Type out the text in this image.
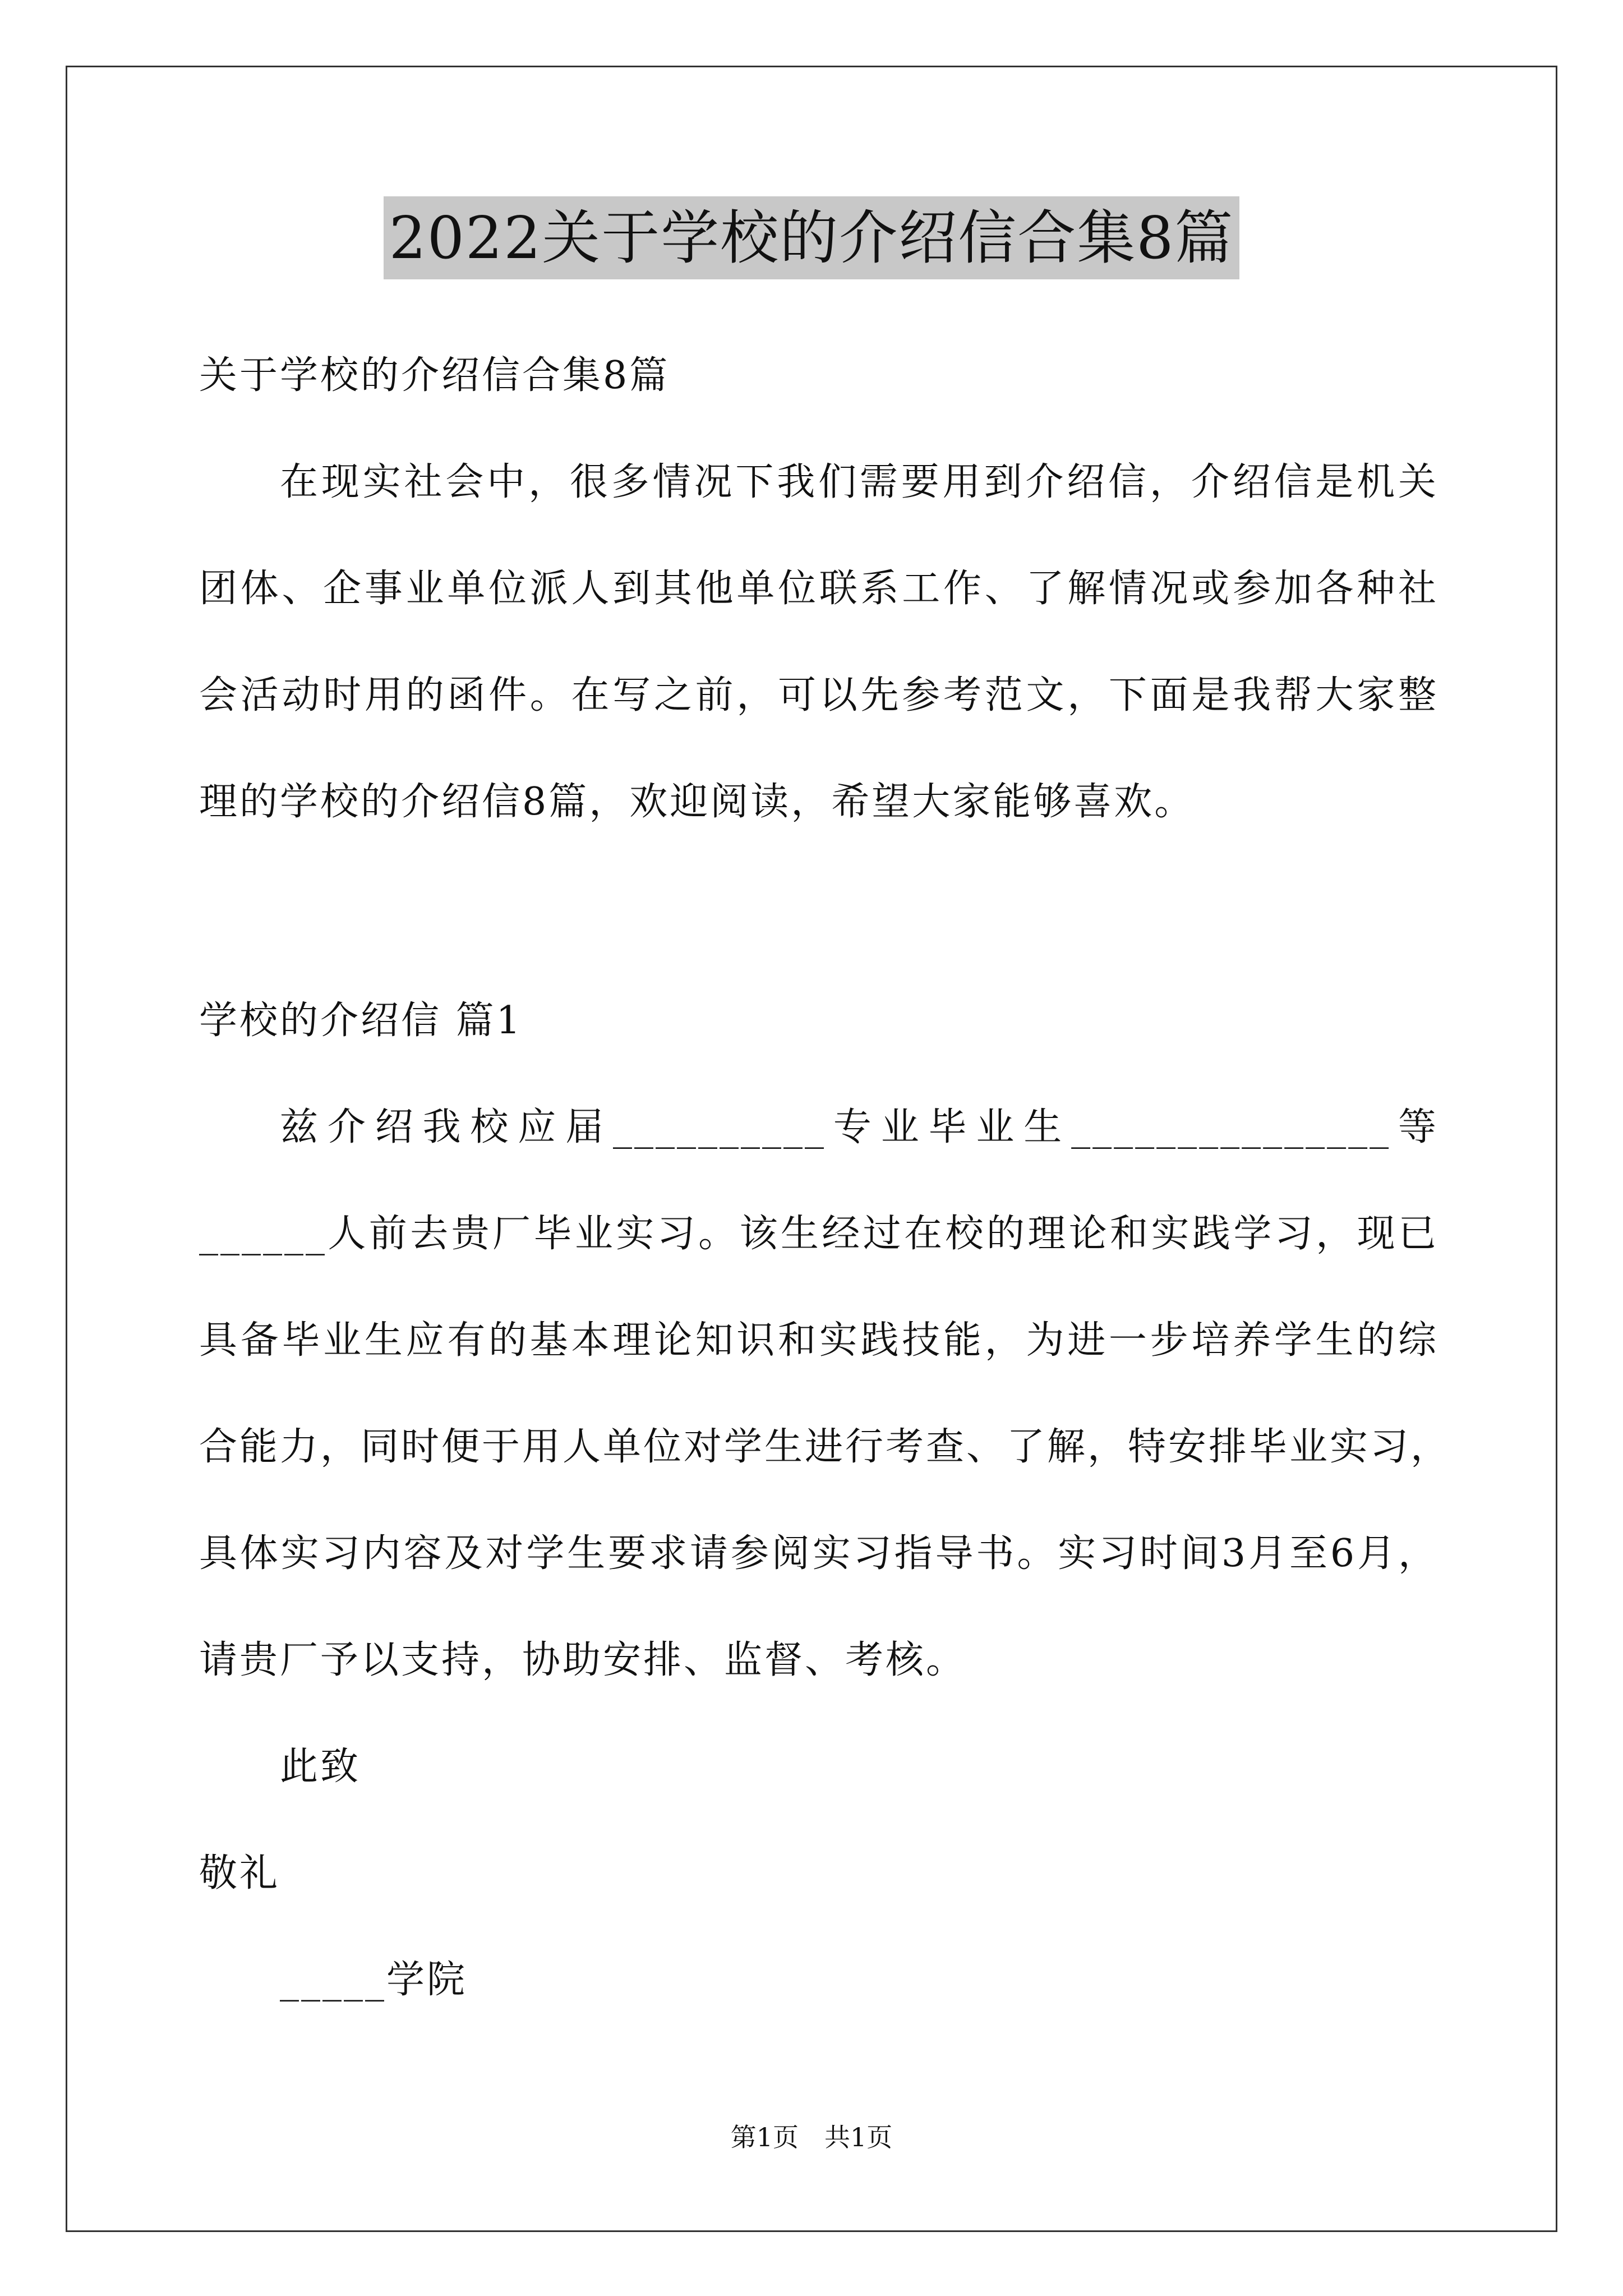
2022关于学校的介绍信合集8篇
关于学校的介绍信合集8篇
在现实社会中，很多情况下我们需要用到介绍信，介绍信是机关
团体、企事业单位派人到其他单位联系工作、了解情况或参加各种社
会活动时用的函件。在写之前，可以先参考范文，下面是我帮大家整
理的学校的介绍信8篇，欢迎阅读，希望大家能够喜欢。
学校的介绍信 篇1
兹介绍我校应届__________专业毕业生_______________等
______人前去贵厂毕业实习。该生经过在校的理论和实践学习，现已
具备毕业生应有的基本理论知识和实践技能，为进一步培养学生的综
合能力，同时便于用人单位对学生进行考查、了解，特安排毕业实习，
具体实习内容及对学生要求请参阅实习指导书。实习时间3月至6月，
请贵厂予以支持，协助安排、监督、考核。
此致
敬礼
_____学院
第1页　共1页
